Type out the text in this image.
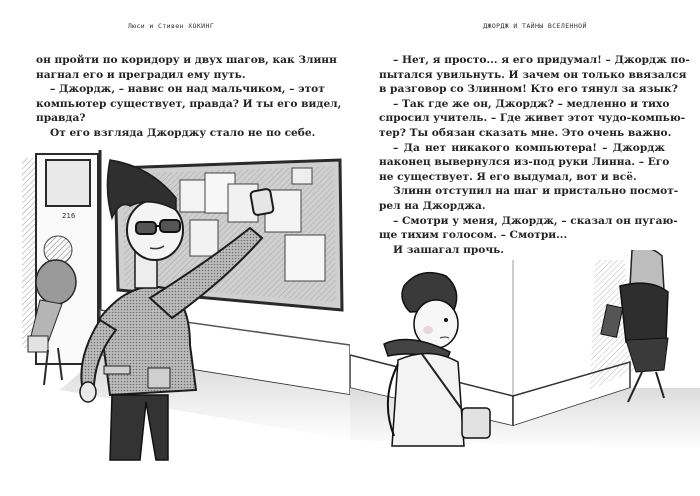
Люси и Стивен ХОКИНГ
он пройти по коридору и двух шагов, как Злинн
нагнал его и преградил ему путь.
– Джордж, – навис он над мальчиком, – этот
компьютер существует, правда? И ты его видел,
правда?
От его взгляда Джорджу стало не по себе.
216
ДЖОРДЖ И ТАЙНЫ ВСЕЛЕННОЙ
– Нет, я просто... я его придумал! – Джордж по-
пытался увильнуть. И зачем он только ввязался
в разговор со Злинном! Кто его тянул за язык?
– Так где же он, Джордж? – медленно и тихо
спросил учитель. – Где живет этот чудо-компью-
тер? Ты обязан сказать мне. Это очень важно.
– Да нет никакого компьютера! – Джордж
наконец вывернулся из-под руки Линна. – Его
не существует. Я его выдумал, вот и всё.
Злинн отступил на шаг и пристально посмот-
рел на Джорджа.
– Смотри у меня, Джордж, – сказал он пугаю-
ще тихим голосом. – Смотри...
И зашагал прочь.
